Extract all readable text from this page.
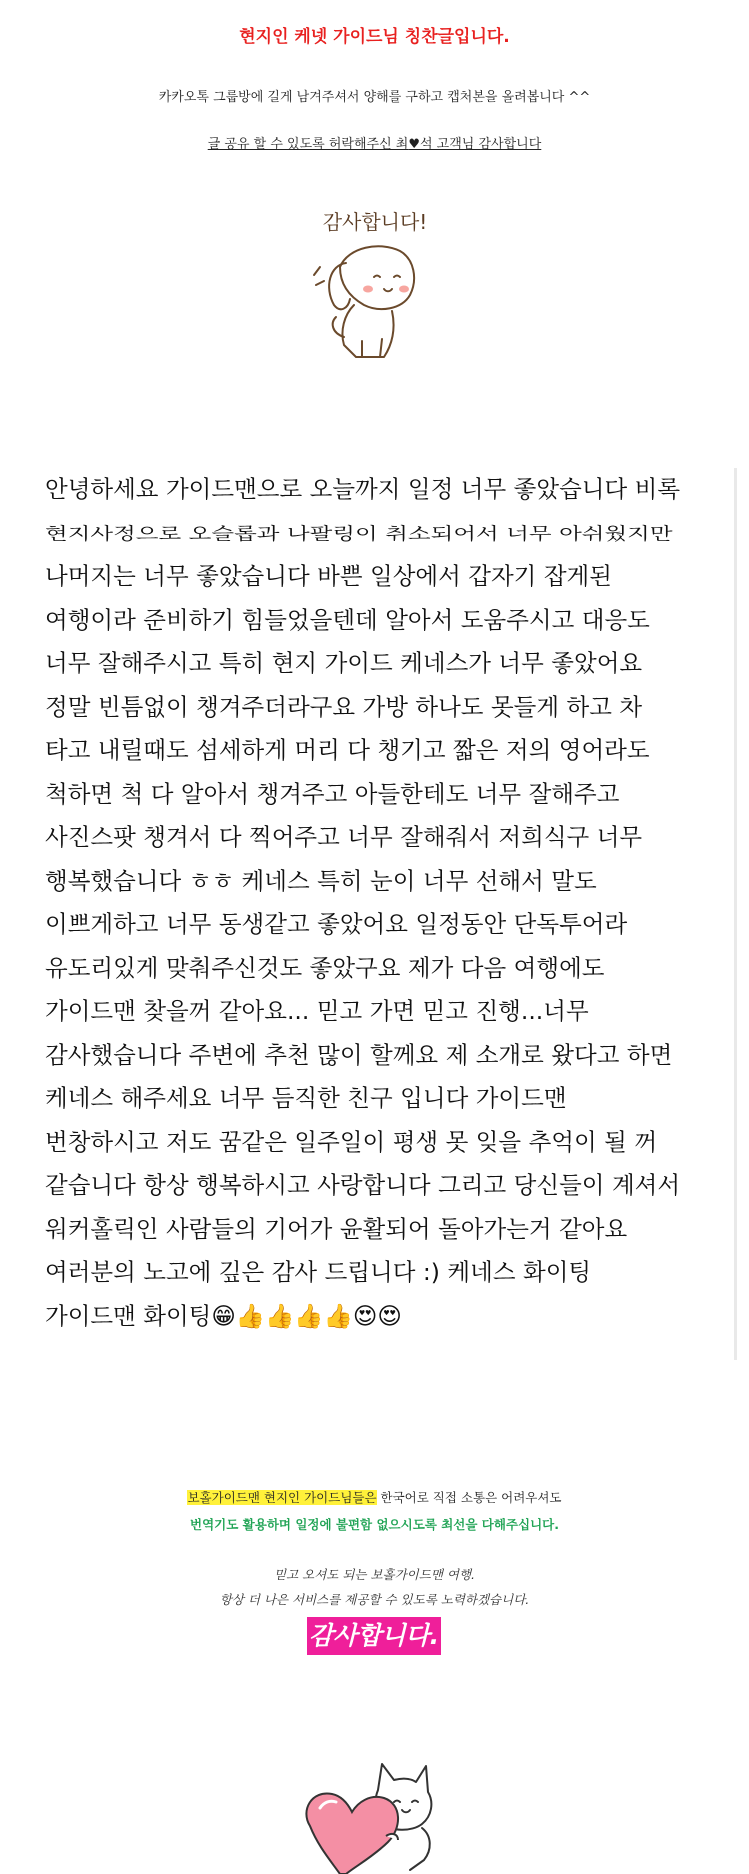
현지인 케넷 가이드님 칭찬글입니다.
카카오톡 그룹방에 길게 남겨주셔서 양해를 구하고 캡처본을 올려봅니다 ^^
글 공유 할 수 있도록 허락해주신 최♥석 고객님 감사합니다
감사합니다!
안녕하세요 가이드맨으로 오늘까지 일정 너무 좋았습니다 비록
현지사정으로 오슬롭과 나팔링이 취소되어서 너무 아쉬웠지만
나머지는 너무 좋았습니다 바쁜 일상에서 갑자기 잡게된
여행이라 준비하기 힘들었을텐데 알아서 도움주시고 대응도
너무 잘해주시고 특히 현지 가이드 케네스가 너무 좋았어요
정말 빈틈없이 챙겨주더라구요 가방 하나도 못들게 하고 차
타고 내릴때도 섬세하게 머리 다 챙기고 짧은 저의 영어라도
척하면 척 다 알아서 챙겨주고 아들한테도 너무 잘해주고
사진스팟 챙겨서 다 찍어주고 너무 잘해줘서 저희식구 너무
행복했습니다 ㅎㅎ 케네스 특히 눈이 너무 선해서 말도
이쁘게하고 너무 동생같고 좋았어요 일정동안 단독투어라
유도리있게 맞춰주신것도 좋았구요 제가 다음 여행에도
가이드맨 찾을꺼 같아요... 믿고 가면 믿고 진행...너무
감사했습니다 주변에 추천 많이 할께요 제 소개로 왔다고 하면
케네스 해주세요 너무 듬직한 친구 입니다 가이드맨
번창하시고 저도 꿈같은 일주일이 평생 못 잊을 추억이 될 꺼
같습니다 항상 행복하시고 사랑합니다 그리고 당신들이 계셔서
워커홀릭인 사람들의 기어가 윤활되어 돌아가는거 같아요
여러분의 노고에 깊은 감사 드립니다 :) 케네스 화이팅
가이드맨 화이팅😁👍👍👍👍😍😍
보홀가이드맨 현지인 가이드님들은 한국어로 직접 소통은 어려우셔도
번역기도 활용하며 일정에 불편함 없으시도록 최선을 다해주십니다.
믿고 오셔도 되는 보홀가이드맨 여행.
항상 더 나은 서비스를 제공할 수 있도록 노력하겠습니다.
감사합니다.
